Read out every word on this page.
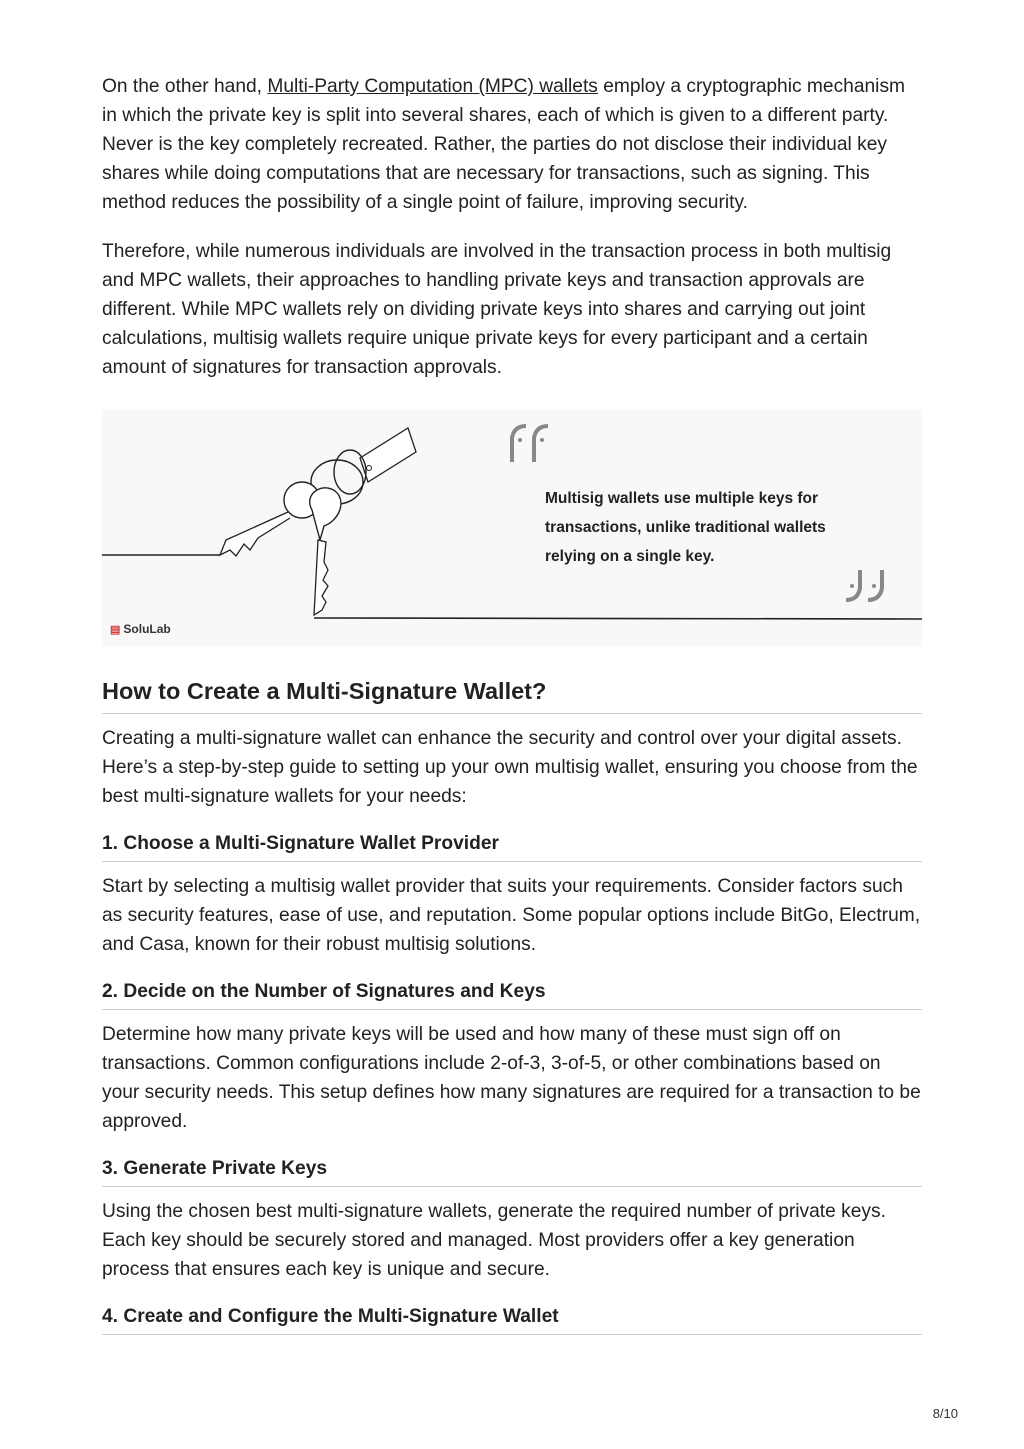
On the other hand, Multi-Party Computation (MPC) wallets employ a cryptographic mechanism in which the private key is split into several shares, each of which is given to a different party. Never is the key completely recreated. Rather, the parties do not disclose their individual key shares while doing computations that are necessary for transactions, such as signing. This method reduces the possibility of a single point of failure, improving security.

Therefore, while numerous individuals are involved in the transaction process in both multisig and MPC wallets, their approaches to handling private keys and transaction approvals are different. While MPC wallets rely on dividing private keys into shares and carrying out joint calculations, multisig wallets require unique private keys for every participant and a certain amount of signatures for transaction approvals.

Multisig wallets use multiple keys for transactions, unlike traditional wallets relying on a single key.
▤ SoluLab
How to Create a Multi-Signature Wallet?

Creating a multi-signature wallet can enhance the security and control over your digital assets. Here’s a step-by-step guide to setting up your own multisig wallet, ensuring you choose from the best multi-signature wallets for your needs:

1. Choose a Multi-Signature Wallet Provider

Start by selecting a multisig wallet provider that suits your requirements. Consider factors such as security features, ease of use, and reputation. Some popular options include BitGo, Electrum, and Casa, known for their robust multisig solutions.

2. Decide on the Number of Signatures and Keys

Determine how many private keys will be used and how many of these must sign off on transactions. Common configurations include 2-of-3, 3-of-5, or other combinations based on your security needs. This setup defines how many signatures are required for a transaction to be approved.

3. Generate Private Keys

Using the chosen best multi-signature wallets, generate the required number of private keys. Each key should be securely stored and managed. Most providers offer a key generation process that ensures each key is unique and secure.

4. Create and Configure the Multi-Signature Wallet
8/10
